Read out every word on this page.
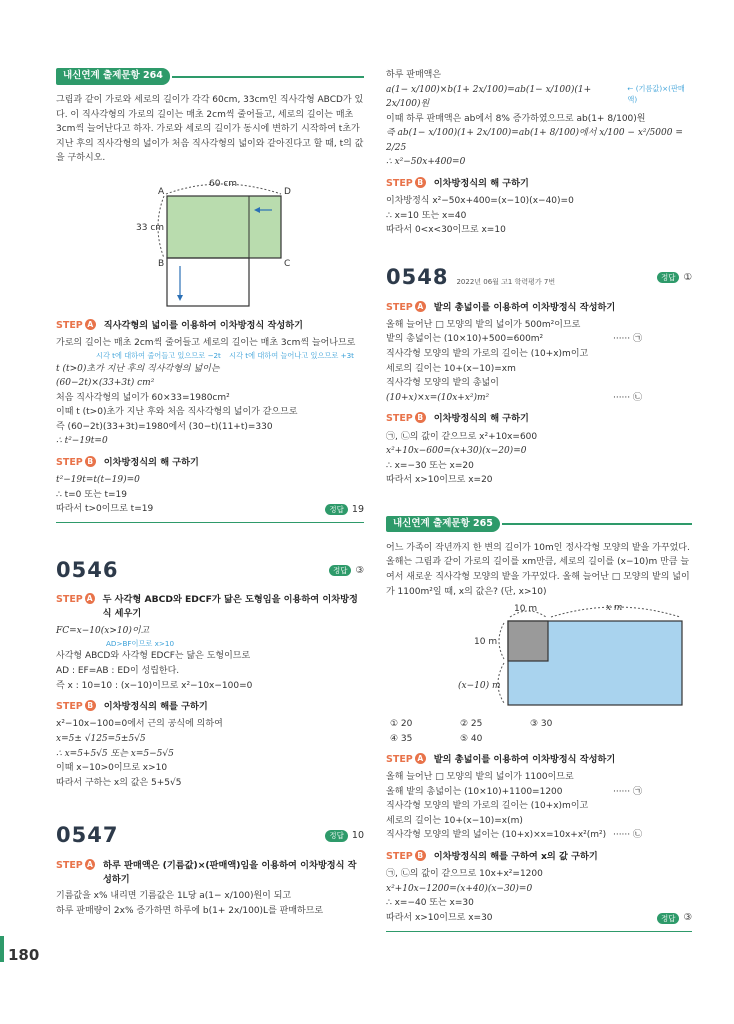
180
내신연계 출제문항 264
그림과 같이 가로와 세로의 길이가 각각 60cm, 33cm인 직사각형 ABCD가 있다. 이 직사각형의 가로의 길이는 매초 2cm씩 줄어들고, 세로의 길이는 매초 3cm씩 늘어난다고 하자. 가로와 세로의 길이가 동시에 변하기 시작하여 t초가 지난 후의 직사각형의 넓이가 처음 직사각형의 넓이와 같아진다고 할 때, t의 값을 구하시오.
60 cm
33 cm
A
B	C
D
STEP A 직사각형의 넓이를 이용하여 이차방정식 작성하기
가로의 길이는 매초 2cm씩 줄어들고 세로의 길이는 매초 3cm씩 늘어나므로
시각 t에 대하여 줄어들고 있으므로 −2t 시각 t에 대하여 늘어나고 있으므로 +3t
t (t>0)초가 지난 후의 직사각형의 넓이는
(60−2t)×(33+3t) cm²
처음 직사각형의 넓이가 60×33=1980cm²
이때 t (t>0)초가 지난 후와 처음 직사각형의 넓이가 같으므로
즉 (60−2t)(33+3t)=1980에서 (30−t)(11+t)=330
∴ t²−19t=0
STEP B 이차방정식의 해 구하기
t²−19t=t(t−19)=0
∴ t=0 또는 t=19
따라서 t>0이므로 t=19	정답 19
0546	정답 ③
STEP A 두 사각형 ABCD와 EDCF가 닮은 도형임을 이용하여 이차방정식 세우기
FC=x−10(x>10)이고
AD>BF이므로 x>10
사각형 ABCD와 사각형 EDCF는 닮은 도형이므로
AD : EF=AB : ED이 성립한다.
즉 x : 10=10 : (x−10)이므로 x²−10x−100=0
STEP B 이차방정식의 해를 구하기
x²−10x−100=0에서 근의 공식에 의하여
x=5± √125=5±5√5
∴ x=5+5√5 또는 x=5−5√5
이때 x−10>0이므로 x>10
따라서 구하는 x의 값은 5+5√5
0547	정답 10
STEP A 하루 판매액은 (기름값)×(판매액)임을 이용하여 이차방정식 작성하기
기름값을 x% 내리면 기름값은 1L당 a(1− x/100)원이 되고
하루 판매량이 2x% 증가하면 하루에 b(1+ 2x/100)L를 판매하므로
하루 판매액은
a(1− x/100)×b(1+ 2x/100)=ab(1− x/100)(1+ 2x/100)원
← (기름값)×(판매액)
이때 하루 판매액은 ab에서 8% 증가하였으므로 ab(1+ 8/100)원
즉 ab(1− x/100)(1+ 2x/100)=ab(1+ 8/100)에서 x/100 − x²/5000 = 2/25
∴ x²−50x+400=0
STEP B 이차방정식의 해 구하기
이차방정식 x²−50x+400=(x−10)(x−40)=0
∴ x=10 또는 x=40
따라서 0<x<30이므로 x=10
0548 2022년 06월 고1 학력평가 7번	정답 ①
STEP A 밭의 총넓이를 이용하여 이차방정식 작성하기
올해 늘어난 □ 모양의 밭의 넓이가 500m²이므로
밭의 총넓이는 (10×10)+500=600m²	······ ㉠
직사각형 모양의 밭의 가로의 길이는 (10+x)m이고
세로의 길이는 10+(x−10)=xm
직사각형 모양의 밭의 총넓이
(10+x)×x=(10x+x²)m²	······ ㉡
STEP B 이차방정식의 해 구하기
㉠, ㉡의 값이 같으므로 x²+10x=600
x²+10x−600=(x+30)(x−20)=0
∴ x=−30 또는 x=20
따라서 x>10이므로 x=20
내신연계 출제문항 265
어느 가족이 작년까지 한 변의 길이가 10m인 정사각형 모양의 밭을 가꾸었다. 올해는 그림과 같이 가로의 길이를 xm만큼, 세로의 길이를 (x−10)m 만큼 늘여서 새로운 직사각형 모양의 밭을 가꾸었다. 올해 늘어난 □ 모양의 밭의 넓이가 1100m²일 때, x의 값은? (단, x>10)
10 m	x m
10 m
(x−10) m
① 20	② 25	③ 30
④ 35	⑤ 40
STEP A 밭의 총넓이를 이용하여 이차방정식 작성하기
올해 늘어난 □ 모양의 밭의 넓이가 1100이므로
올해 밭의 총넓이는 (10×10)+1100=1200	······ ㉠
직사각형 모양의 밭의 가로의 길이는 (10+x)m이고
세로의 길이는 10+(x−10)=x(m)
직사각형 모양의 밭의 넓이는 (10+x)×x=10x+x²(m²) ······ ㉡
STEP B 이차방정식의 해를 구하여 x의 값 구하기
㉠, ㉡의 값이 같으므로 10x+x²=1200
x²+10x−1200=(x+40)(x−30)=0
∴ x=−40 또는 x=30
따라서 x>10이므로 x=30	정답 ③
